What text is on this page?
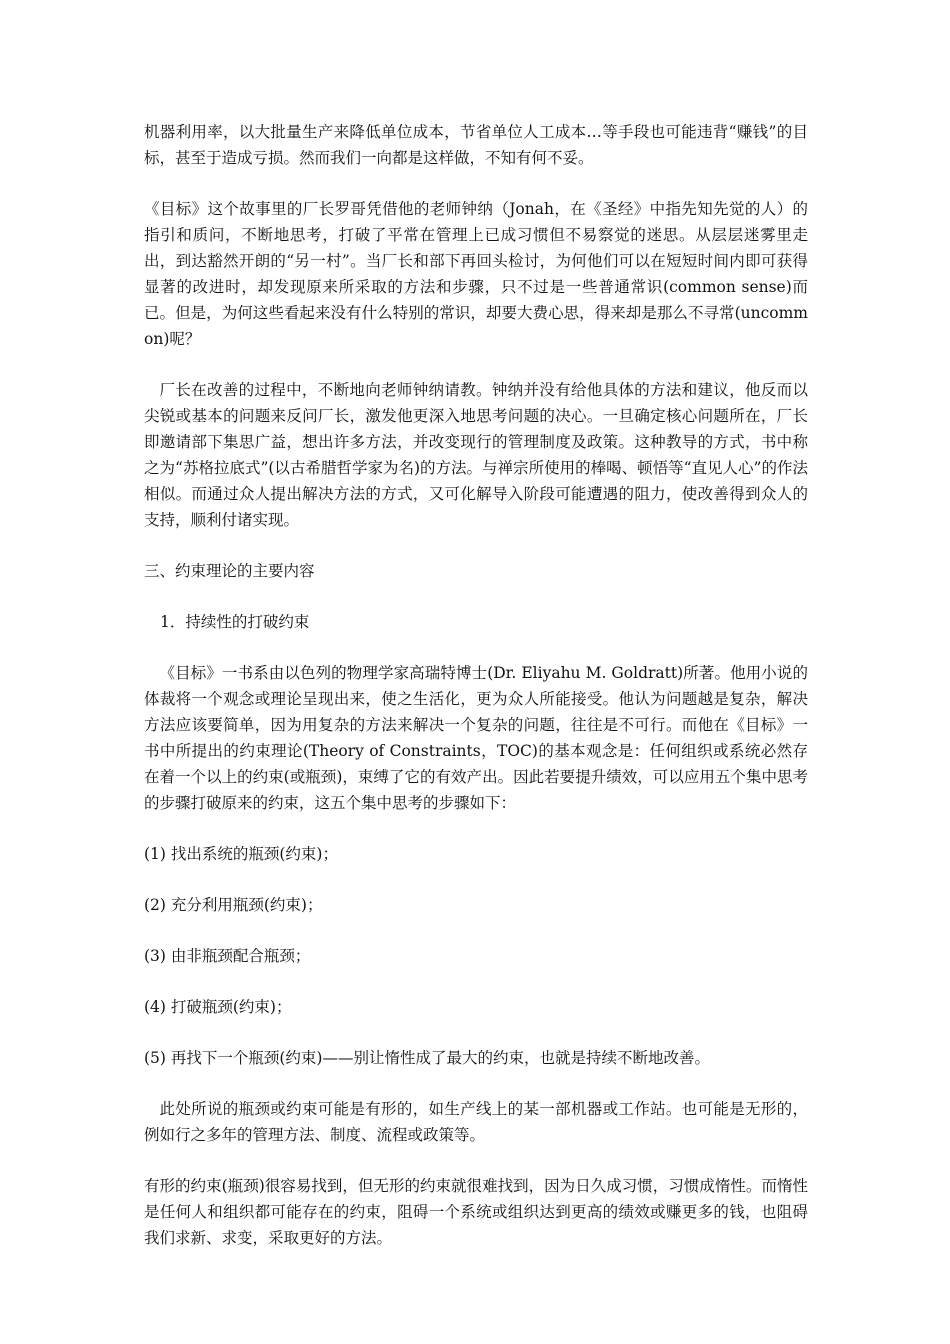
机器利用率，以大批量生产来降低单位成本，节省单位人工成本…等手段也可能违背“赚钱”的目标，甚至于造成亏损。然而我们一向都是这样做，不知有何不妥。

《目标》这个故事里的厂长罗哥凭借他的老师钟纳（Jonah，在《圣经》中指先知先觉的人）的指引和质问，不断地思考，打破了平常在管理上已成习惯但不易察觉的迷思。从层层迷雾里走出，到达豁然开朗的“另一村”。当厂长和部下再回头检讨，为何他们可以在短短时间内即可获得显著的改进时，却发现原来所采取的方法和步骤，只不过是一些普通常识(common sense)而已。但是，为何这些看起来没有什么特别的常识，却要大费心思，得来却是那么不寻常(uncommon)呢？

厂长在改善的过程中，不断地向老师钟纳请教。钟纳并没有给他具体的方法和建议，他反而以尖锐或基本的问题来反问厂长，激发他更深入地思考问题的决心。一旦确定核心问题所在，厂长即邀请部下集思广益，想出许多方法，并改变现行的管理制度及政策。这种教导的方式，书中称之为“苏格拉底式”(以古希腊哲学家为名)的方法。与禅宗所使用的棒喝、顿悟等“直见人心”的作法相似。而通过众人提出解决方法的方式，又可化解导入阶段可能遭遇的阻力，使改善得到众人的支持，顺利付诸实现。

三、约束理论的主要内容

1．持续性的打破约束

《目标》一书系由以色列的物理学家高瑞特博士(Dr. Eliyahu M. Goldratt)所著。他用小说的体裁将一个观念或理论呈现出来，使之生活化，更为众人所能接受。他认为问题越是复杂，解决方法应该要简单，因为用复杂的方法来解决一个复杂的问题，往往是不可行。而他在《目标》一书中所提出的约束理论(Theory of Constraints，TOC)的基本观念是：任何组织或系统必然存在着一个以上的约束(或瓶颈)，束缚了它的有效产出。因此若要提升绩效，可以应用五个集中思考的步骤打破原来的约束，这五个集中思考的步骤如下：

(1) 找出系统的瓶颈(约束)；

(2) 充分利用瓶颈(约束)；

(3) 由非瓶颈配合瓶颈；

(4) 打破瓶颈(约束)；

(5) 再找下一个瓶颈(约束)——别让惰性成了最大的约束，也就是持续不断地改善。

此处所说的瓶颈或约束可能是有形的，如生产线上的某一部机器或工作站。也可能是无形的，例如行之多年的管理方法、制度、流程或政策等。

有形的约束(瓶颈)很容易找到，但无形的约束就很难找到，因为日久成习惯，习惯成惰性。而惰性是任何人和组织都可能存在的约束，阻碍一个系统或组织达到更高的绩效或赚更多的钱，也阻碍我们求新、求变，采取更好的方法。
